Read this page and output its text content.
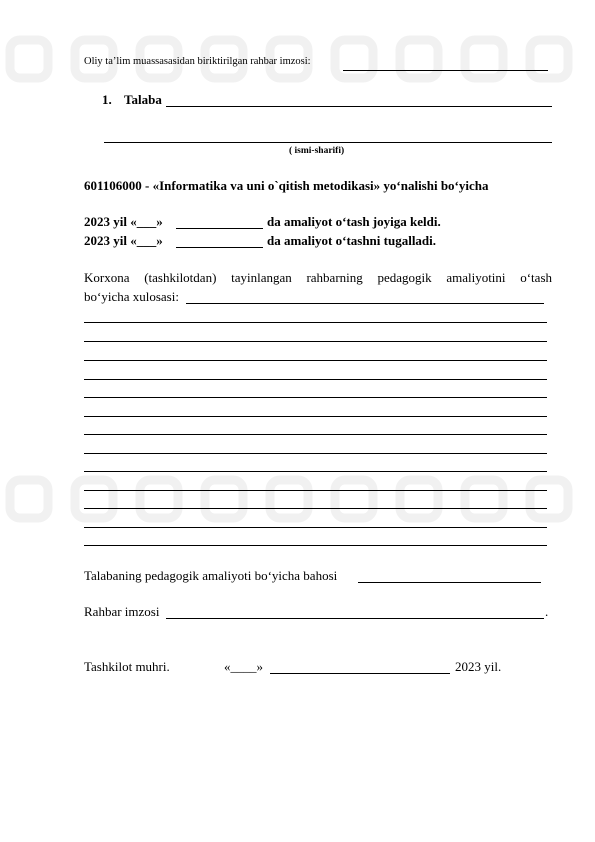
Oliy ta’lim muassasasidan biriktirilgan rahbar imzosi:
1. Talaba
( ismi-sharifi)
601106000 - «Informatika va uni o`qitish metodikasi» yo‘nalishi bo‘yicha
2023 yil «___»	da amaliyot o‘tash joyiga keldi.
2023 yil «___»	da amaliyot o‘tashni tugalladi.
Korxona (tashkilotdan) tayinlangan rahbarning pedagogik amaliyotini o‘tash
bo‘yicha xulosasi:
Talabaning pedagogik amaliyoti bo‘yicha bahosi
Rahbar imzosi	.
Tashkilot muhri.	«____»	2023 yil.
